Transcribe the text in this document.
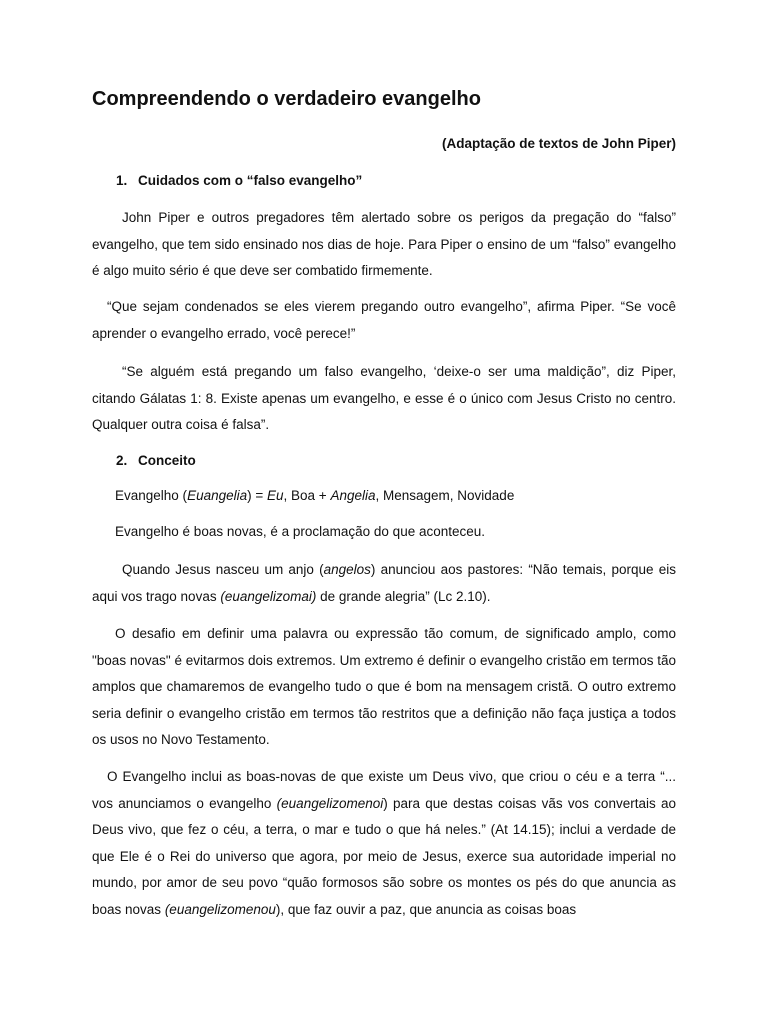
Compreendendo o verdadeiro evangelho
(Adaptação de textos de John Piper)
1. Cuidados com o “falso evangelho”
John Piper e outros pregadores têm alertado sobre os perigos da pregação do “falso” evangelho, que tem sido ensinado nos dias de hoje. Para Piper o ensino de um “falso” evangelho é algo muito sério é que deve ser combatido firmemente.
“Que sejam condenados se eles vierem pregando outro evangelho”, afirma Piper. “Se você aprender o evangelho errado, você perece!”
“Se alguém está pregando um falso evangelho, ‘deixe-o ser uma maldição”, diz Piper, citando Gálatas 1: 8. Existe apenas um evangelho, e esse é o único com Jesus Cristo no centro. Qualquer outra coisa é falsa”.
2. Conceito
Evangelho (Euangelia) = Eu, Boa + Angelia, Mensagem, Novidade
Evangelho é boas novas, é a proclamação do que aconteceu.
Quando Jesus nasceu um anjo (angelos) anunciou aos pastores: “Não temais, porque eis aqui vos trago novas (euangelizomai) de grande alegria” (Lc 2.10).
O desafio em definir uma palavra ou expressão tão comum, de significado amplo, como "boas novas" é evitarmos dois extremos. Um extremo é definir o evangelho cristão em termos tão amplos que chamaremos de evangelho tudo o que é bom na mensagem cristã. O outro extremo seria definir o evangelho cristão em termos tão restritos que a definição não faça justiça a todos os usos no Novo Testamento.
O Evangelho inclui as boas-novas de que existe um Deus vivo, que criou o céu e a terra “... vos anunciamos o evangelho (euangelizomenoi) para que destas coisas vãs vos convertais ao Deus vivo, que fez o céu, a terra, o mar e tudo o que há neles.” (At 14.15); inclui a verdade de que Ele é o Rei do universo que agora, por meio de Jesus, exerce sua autoridade imperial no mundo, por amor de seu povo “quão formosos são sobre os montes os pés do que anuncia as boas novas (euangelizomenou), que faz ouvir a paz, que anuncia as coisas boas
